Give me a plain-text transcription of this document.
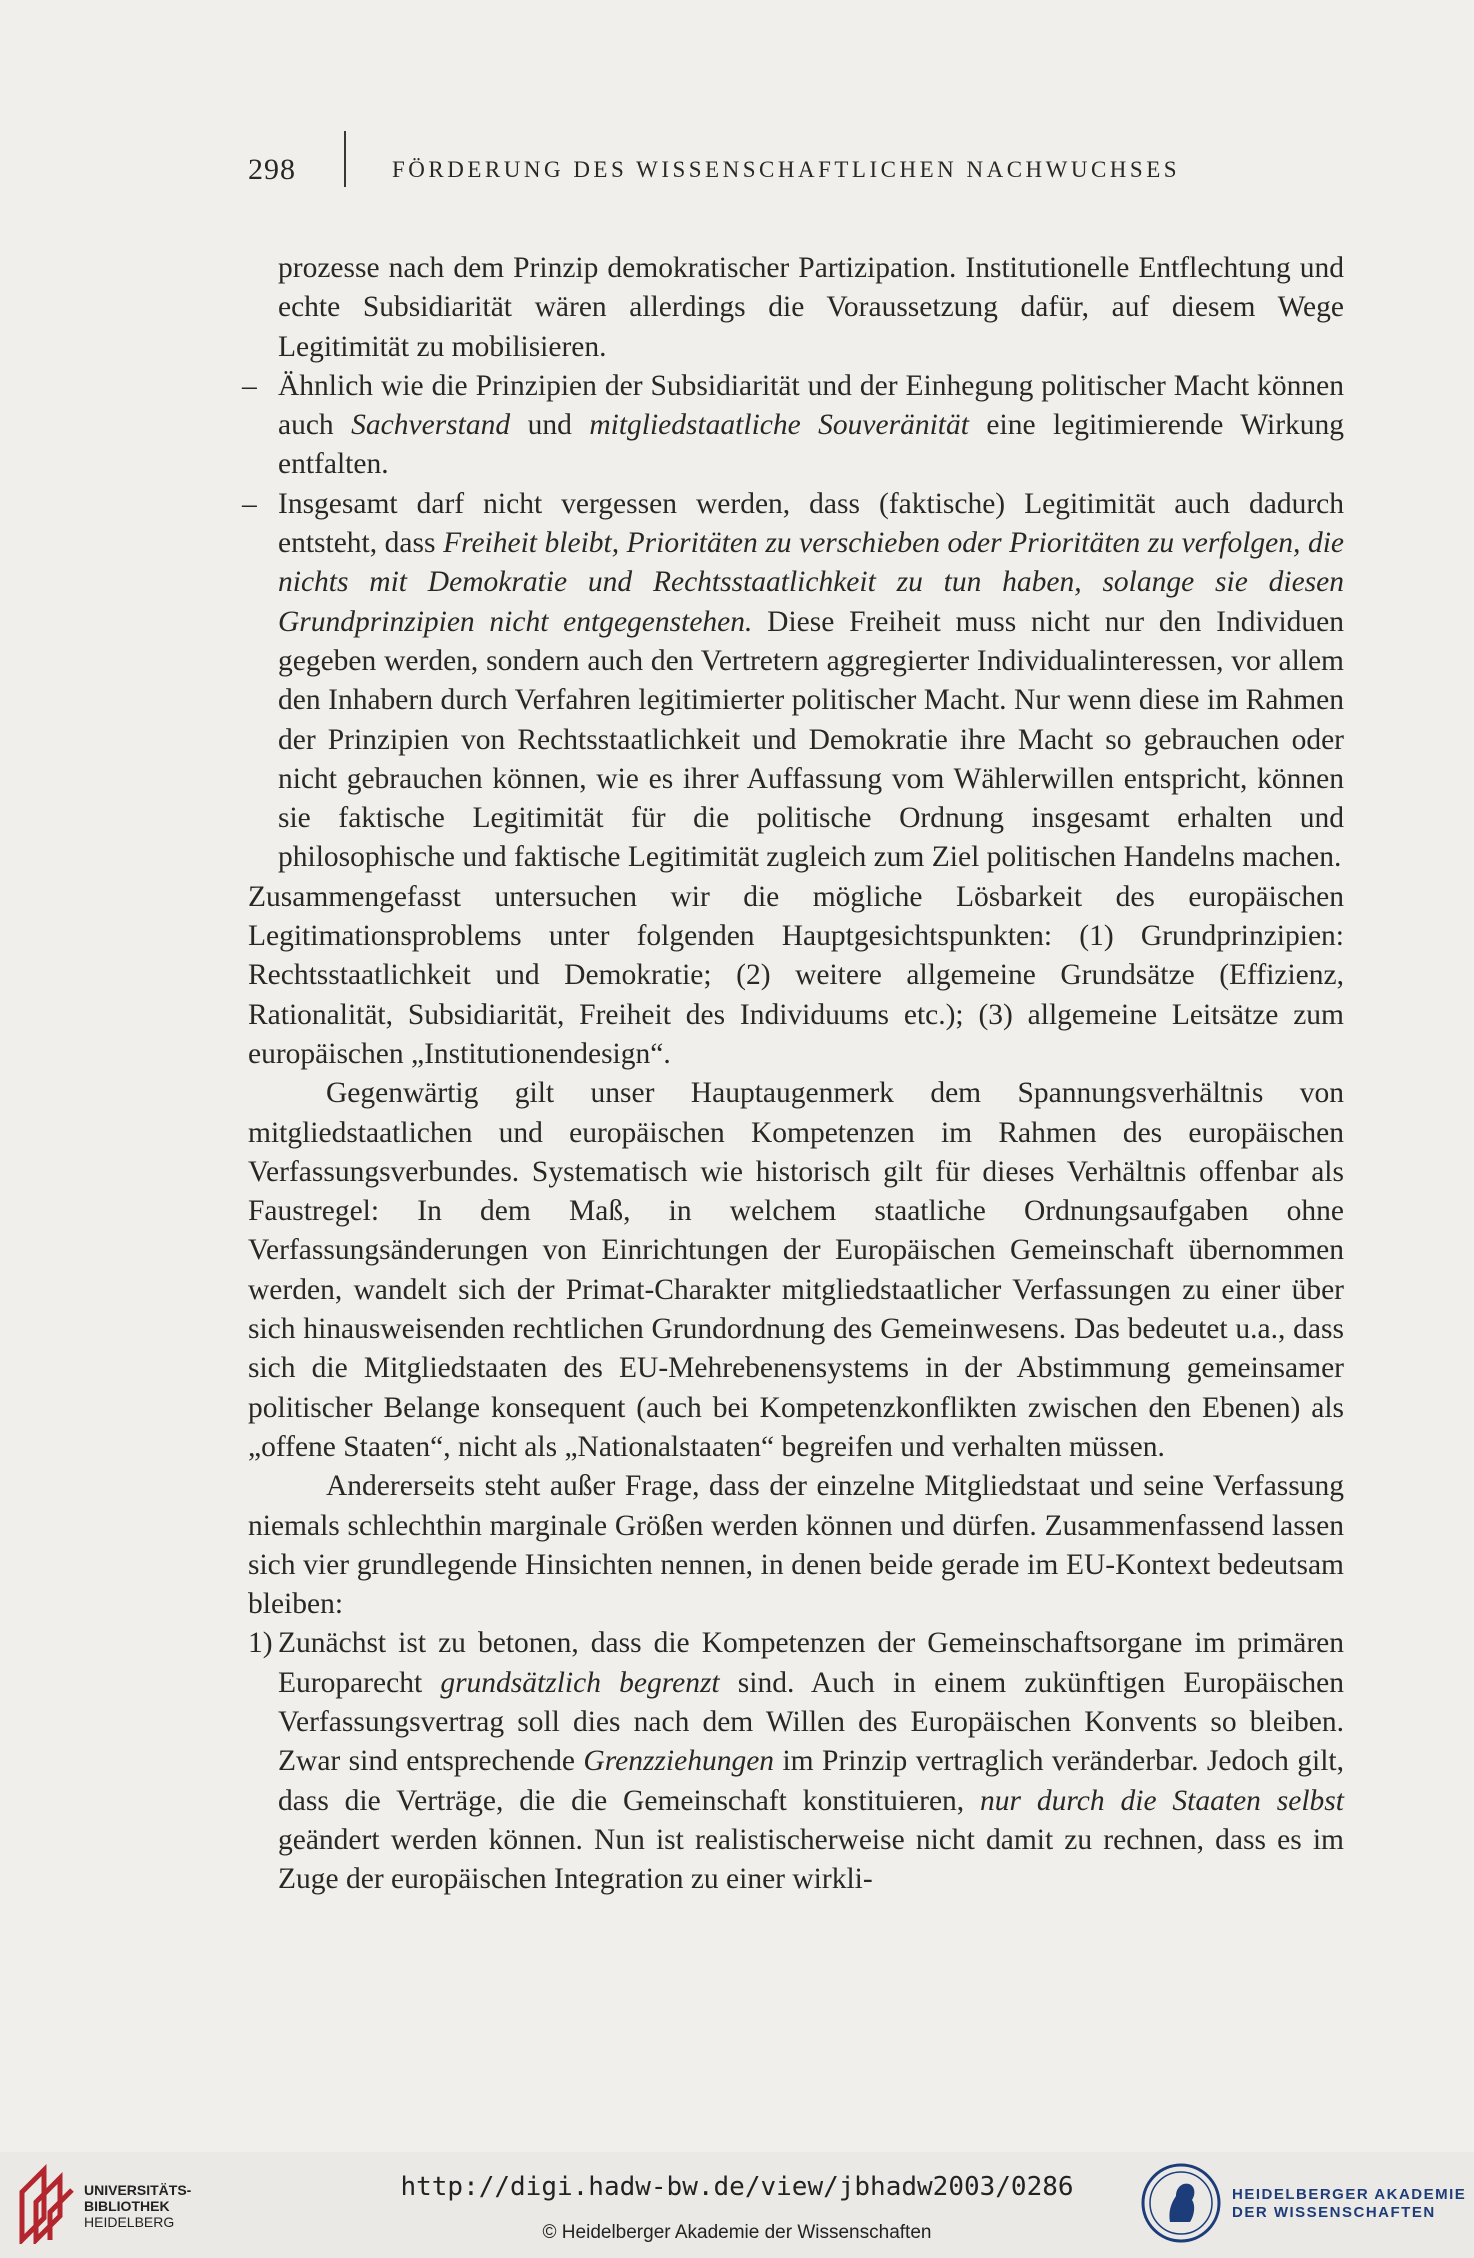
298	FÖRDERUNG DES WISSENSCHAFTLICHEN NACHWUCHSES

prozesse nach dem Prinzip demokratischer Partizipation. Institutionelle Entflechtung und echte Subsidiarität wären allerdings die Voraussetzung dafür, auf diesem Wege Legitimität zu mobilisieren.

– Ähnlich wie die Prinzipien der Subsidiarität und der Einhegung politischer Macht können auch Sachverstand und mitgliedstaatliche Souveränität eine legitimierende Wirkung entfalten.

– Insgesamt darf nicht vergessen werden, dass (faktische) Legitimität auch dadurch entsteht, dass Freiheit bleibt, Prioritäten zu verschieben oder Prioritäten zu verfolgen, die nichts mit Demokratie und Rechtsstaatlichkeit zu tun haben, solange sie diesen Grundprinzipien nicht entgegenstehen. Diese Freiheit muss nicht nur den Individuen gegeben werden, sondern auch den Vertretern aggregierter Individualinteressen, vor allem den Inhabern durch Verfahren legitimierter politischer Macht. Nur wenn diese im Rahmen der Prinzipien von Rechtsstaatlichkeit und Demokratie ihre Macht so gebrauchen oder nicht gebrauchen können, wie es ihrer Auffassung vom Wählerwillen entspricht, können sie faktische Legitimität für die politische Ordnung insgesamt erhalten und philosophische und faktische Legitimität zugleich zum Ziel politischen Handelns machen.

Zusammengefasst untersuchen wir die mögliche Lösbarkeit des europäischen Legitimationsproblems unter folgenden Hauptgesichtspunkten: (1) Grundprinzipien: Rechtsstaatlichkeit und Demokratie; (2) weitere allgemeine Grundsätze (Effizienz, Rationalität, Subsidiarität, Freiheit des Individuums etc.); (3) allgemeine Leitsätze zum europäischen „Institutionendesign“.

Gegenwärtig gilt unser Hauptaugenmerk dem Spannungsverhältnis von mitgliedstaatlichen und europäischen Kompetenzen im Rahmen des europäischen Verfassungsverbundes. Systematisch wie historisch gilt für dieses Verhältnis offenbar als Faustregel: In dem Maß, in welchem staatliche Ordnungsaufgaben ohne Verfassungsänderungen von Einrichtungen der Europäischen Gemeinschaft übernommen werden, wandelt sich der Primat-Charakter mitgliedstaatlicher Verfassungen zu einer über sich hinausweisenden rechtlichen Grundordnung des Gemeinwesens. Das bedeutet u.a., dass sich die Mitgliedstaaten des EU-Mehrebenensystems in der Abstimmung gemeinsamer politischer Belange konsequent (auch bei Kompetenzkonflikten zwischen den Ebenen) als „offene Staaten“, nicht als „Nationalstaaten“ begreifen und verhalten müssen.

Andererseits steht außer Frage, dass der einzelne Mitgliedstaat und seine Verfassung niemals schlechthin marginale Größen werden können und dürfen. Zusammenfassend lassen sich vier grundlegende Hinsichten nennen, in denen beide gerade im EU-Kontext bedeutsam bleiben:

1) Zunächst ist zu betonen, dass die Kompetenzen der Gemeinschaftsorgane im primären Europarecht grundsätzlich begrenzt sind. Auch in einem zukünftigen Europäischen Verfassungsvertrag soll dies nach dem Willen des Europäischen Konvents so bleiben. Zwar sind entsprechende Grenzziehungen im Prinzip vertraglich veränderbar. Jedoch gilt, dass die Verträge, die die Gemeinschaft konstituieren, nur durch die Staaten selbst geändert werden können. Nun ist realistischerweise nicht damit zu rechnen, dass es im Zuge der europäischen Integration zu einer wirkli-

UNIVERSITÄTS-
BIBLIOTHEK
HEIDELBERG
http://digi.hadw-bw.de/view/jbhadw2003/0286
© Heidelberger Akademie der Wissenschaften
HEIDELBERGER AKADEMIE
DER WISSENSCHAFTEN
